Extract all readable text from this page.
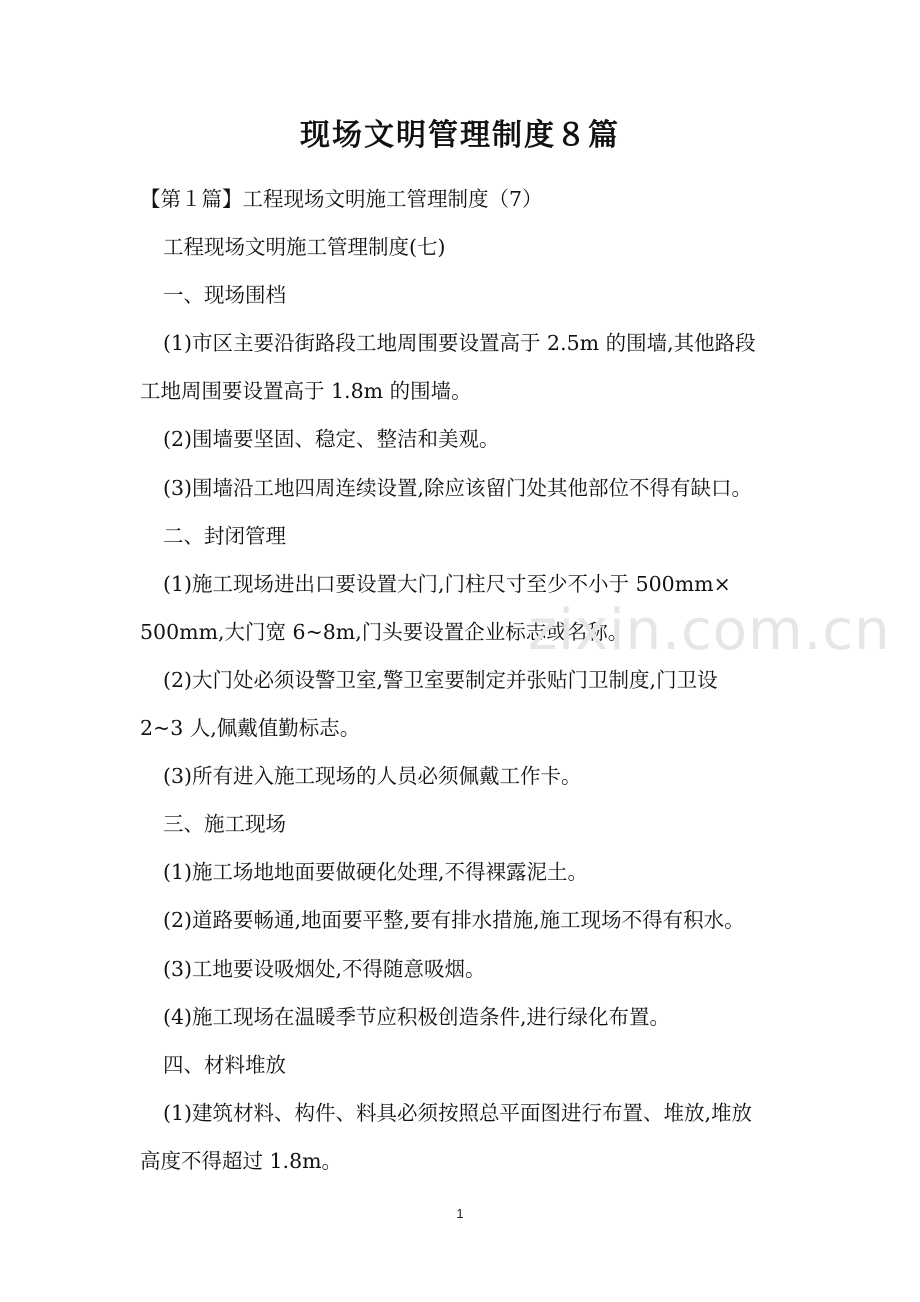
现场文明管理制度８篇

【第１篇】工程现场文明施工管理制度（7）

工程现场文明施工管理制度(七)

一、现场围档

(1)市区主要沿街路段工地周围要设置高于 2.5m 的围墙,其他路段

工地周围要设置高于 1.8m 的围墙。

(2)围墙要坚固、稳定、整洁和美观。

(3)围墙沿工地四周连续设置,除应该留门处其他部位不得有缺口。

二、封闭管理

(1)施工现场进出口要设置大门,门柱尺寸至少不小于 500mm×

500mm,大门宽 6~8m,门头要设置企业标志或名称。

(2)大门处必须设警卫室,警卫室要制定并张贴门卫制度,门卫设

2~3 人,佩戴值勤标志。

(3)所有进入施工现场的人员必须佩戴工作卡。

三、施工现场

(1)施工场地地面要做硬化处理,不得裸露泥土。

(2)道路要畅通,地面要平整,要有排水措施,施工现场不得有积水。

(3)工地要设吸烟处,不得随意吸烟。

(4)施工现场在温暖季节应积极创造条件,进行绿化布置。

四、材料堆放

(1)建筑材料、构件、料具必须按照总平面图进行布置、堆放,堆放

高度不得超过 1.8m。

zixin.com.cn
1
